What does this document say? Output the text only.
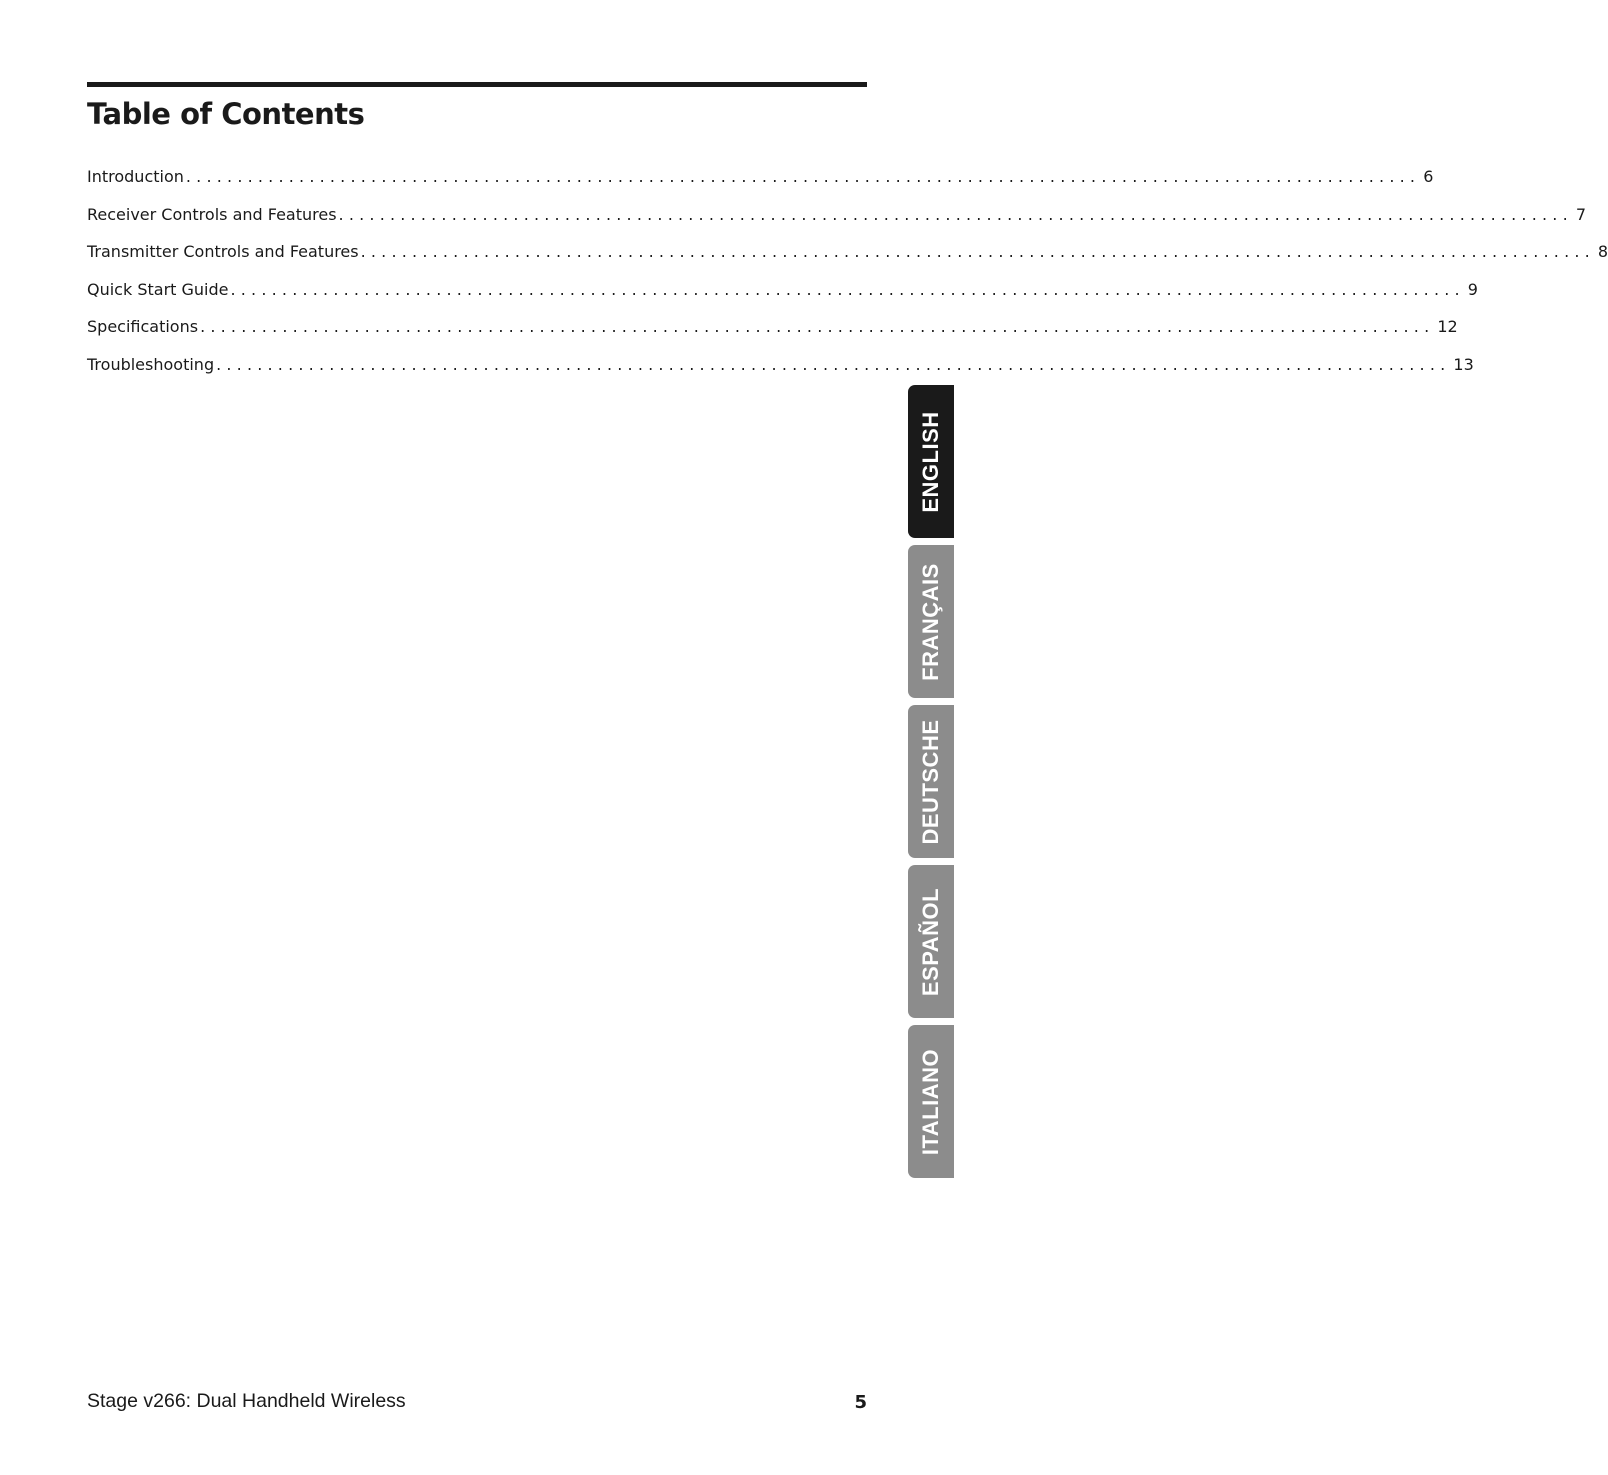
Table of Contents
Introduction ........................................................................................................................ 6
Receiver Controls and Features ........................................................................................................................ 7
Transmitter Controls and Features ........................................................................................................................ 8
Quick Start Guide ........................................................................................................................ 9
Specifications ........................................................................................................................ 12
Troubleshooting ........................................................................................................................ 13
ENGLISH
FRANÇAIS
DEUTSCHE
ESPAÑOL
ITALIANO
Stage v266: Dual Handheld Wireless	5
